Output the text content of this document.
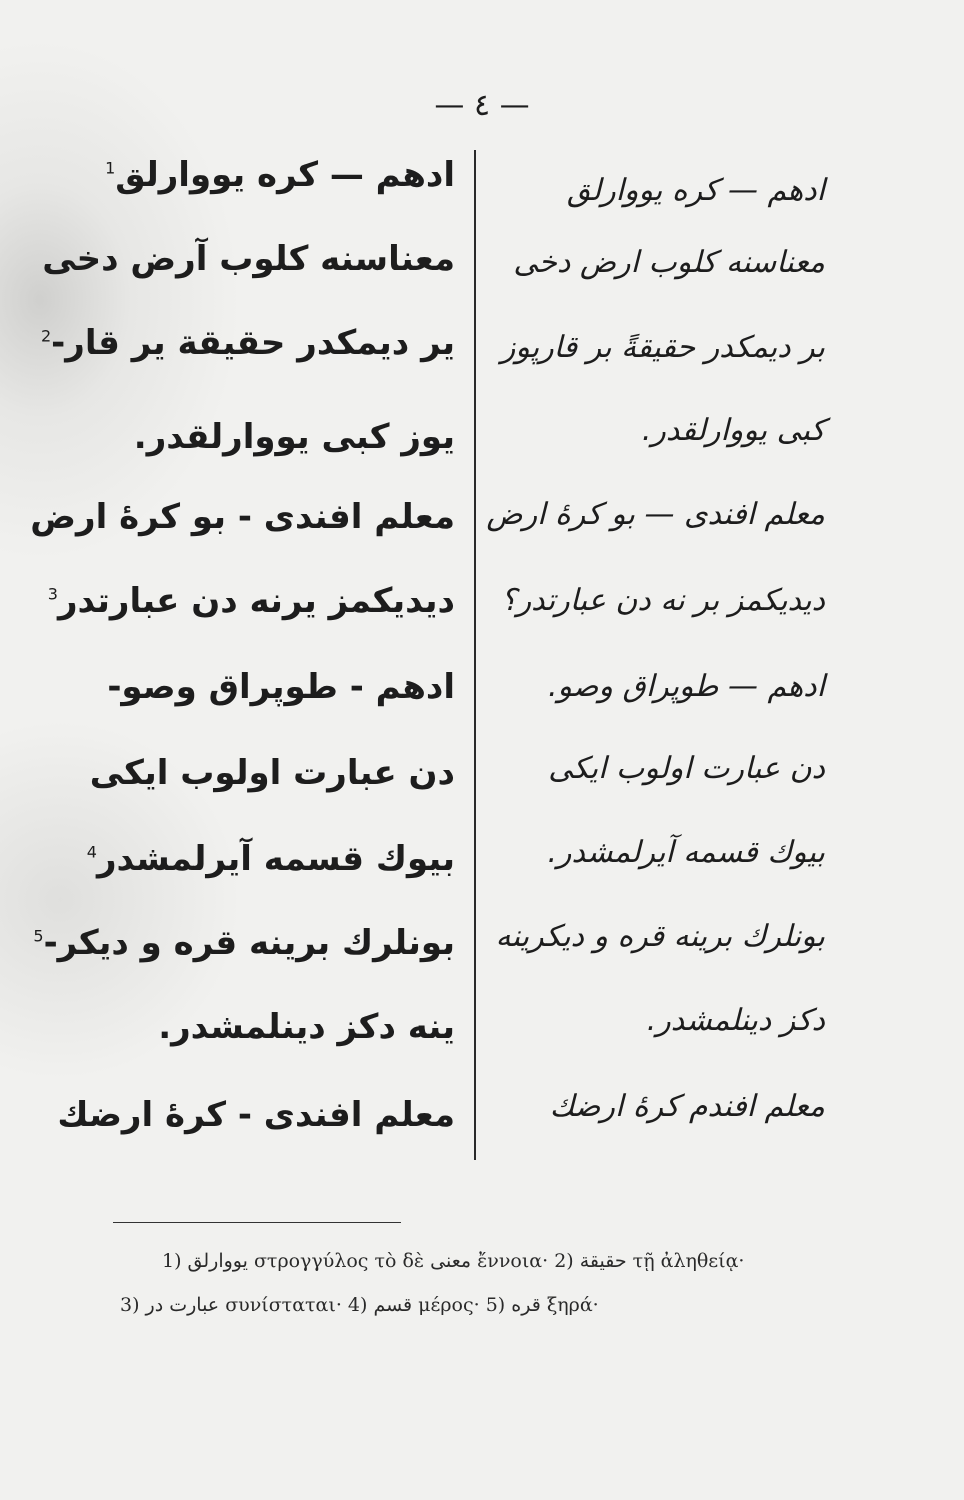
— ٤ —
ادهم — کره یووارلق$^1$
معناسنه کلوب آرض دخی
یر دیمکدر حقیقة یر قار-$^2$
یوز کبی یووارلقدر.
معلم افندی - بو کرۀ ارض
دیدیکمز یرنه دن عبارتدر$^3$
ادهم - طوپراق وصو-
دن عبارت اولوب ایکی
بیوك قسمه آیرلمشدر$^4$
بونلرك برینه قره و دیکر-$^5$
ینه دکز دینلمشدر.
معلم افندی - کرۀ ارضك
ادهم — کره یووارلق
معناسنه کلوب ارض دخی
بر دیمکدر حقیقةً بر قارپوز
کبی یووارلقدر.
معلم افندی — بو کرۀ ارض
دیدیکمز بر نه دن عبارتدر؟
ادهم — طوپراق وصو.
دن عبارت اولوب ایکی
بیوك قسمه آیرلمشدر.
بونلرك برینه قره و دیکرینه
دکز دینلمشدر.
معلم افندم کرۀ ارضك
1) یووارلق στρογγύλος τὸ δὲ معنی ἔννοια· 2) حقیقة τῇ ἀληθείᾳ·
3) عبارت در συνίσταται· 4) قسم μέρος· 5) قره ξηρά·
